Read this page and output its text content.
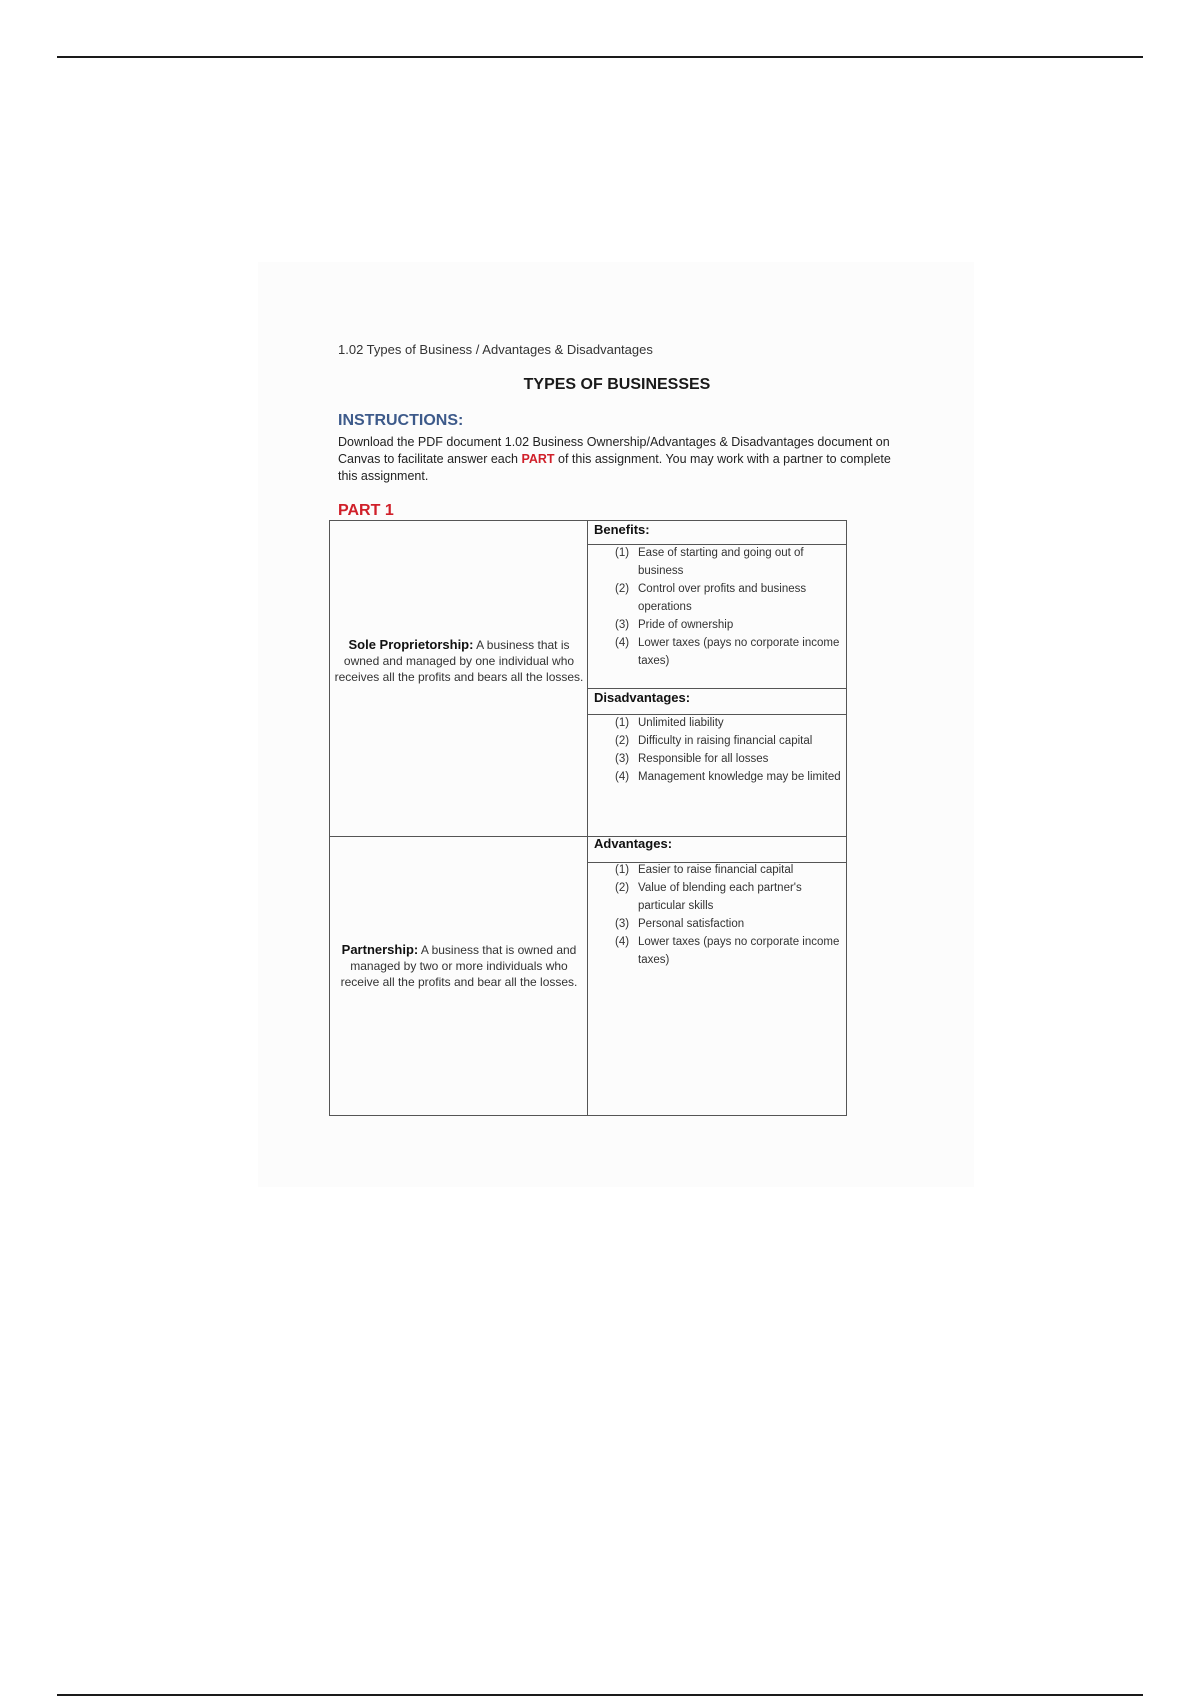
1.02 Types of Business / Advantages & Disadvantages
TYPES OF BUSINESSES
INSTRUCTIONS:
Download the PDF document 1.02 Business Ownership/Advantages & Disadvantages document on Canvas to facilitate answer each PART of this assignment. You may work with a partner to complete this assignment.
PART 1
Sole Proprietorship: A business that is owned and managed by one individual who receives all the profits and bears all the losses.
Benefits:
(1) Ease of starting and going out of business
(2) Control over profits and business operations
(3) Pride of ownership
(4) Lower taxes (pays no corporate income taxes)
Disadvantages:
(1) Unlimited liability
(2) Difficulty in raising financial capital
(3) Responsible for all losses
(4) Management knowledge may be limited
Partnership: A business that is owned and managed by two or more individuals who receive all the profits and bear all the losses.
Advantages:
(1) Easier to raise financial capital
(2) Value of blending each partner's particular skills
(3) Personal satisfaction
(4) Lower taxes (pays no corporate income taxes)
